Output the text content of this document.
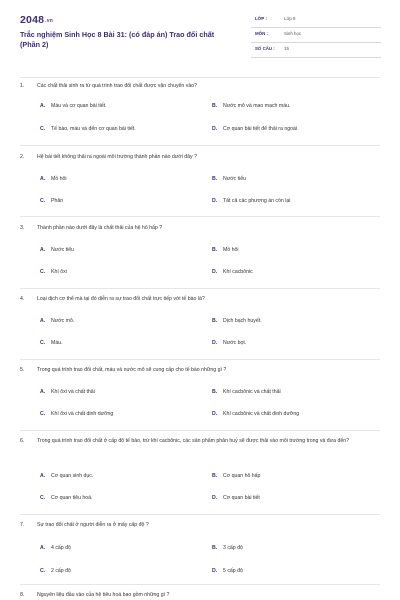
2048.vn
Trắc nghiệm Sinh Học 8 Bài 31: (có đáp án) Trao đổi chất (Phần 2)
LỚP :	Lớp 8
MÔN :	Sinh học
SỐ CÂU : 15
1. Các chất thải sinh ra từ quá trình trao đổi chất được vận chuyển vào?
A. Máu và cơ quan bài tiết.	B. Nước mô và mao mạch máu.
C. Tế bào, máu và đến cơ quan bài tiết.	D. Cơ quan bài tiết để thải ra ngoài
2. Hệ bài tiết không thải ra ngoài môi trường thành phần nào dưới đây ?
A. Mồ hôi	B. Nước tiểu
C. Phân	D. Tất cả các phương án còn lại
3. Thành phần nào dưới đây là chất thải của hệ hô hấp ?
A. Nước tiểu	B. Mồ hôi
C. Khí ôxi	D. Khí cacbônic
4. Loại dịch cơ thể mà tại đó diễn ra sự trao đổi chất trực tiếp với tế bào là?
A. Nước mô.	B. Dịch bạch huyết.
C. Máu.	D. Nước bọt.
5. Trong quá trình trao đổi chất, máu và nước mô sẽ cung cấp cho tế bào những gì ?
A. Khí ôxi và chất thải	B. Khí cacbônic và chất thải
C. Khí ôxi và chất dinh dưỡng	D. Khí cacbônic và chất dinh dưỡng
6. Trong quá trình trao đổi chất ở cấp độ tế bào, trừ khí cacbônic, các sản phẩm phân huỷ sẽ được thải vào môi trường trong và đưa đến?
A. Cơ quan sinh dục.	B. Cơ quan hô hấp
C. Cơ quan tiêu hoá.	D. Cơ quan bài tiết
7. Sự trao đổi chất ở người diễn ra ở mấy cấp độ ?
A. 4 cấp độ	B. 3 cấp độ
C. 2 cấp độ	D. 5 cấp độ
8. Nguyên liệu đầu vào của hệ tiêu hoá bao gồm những gì ?
